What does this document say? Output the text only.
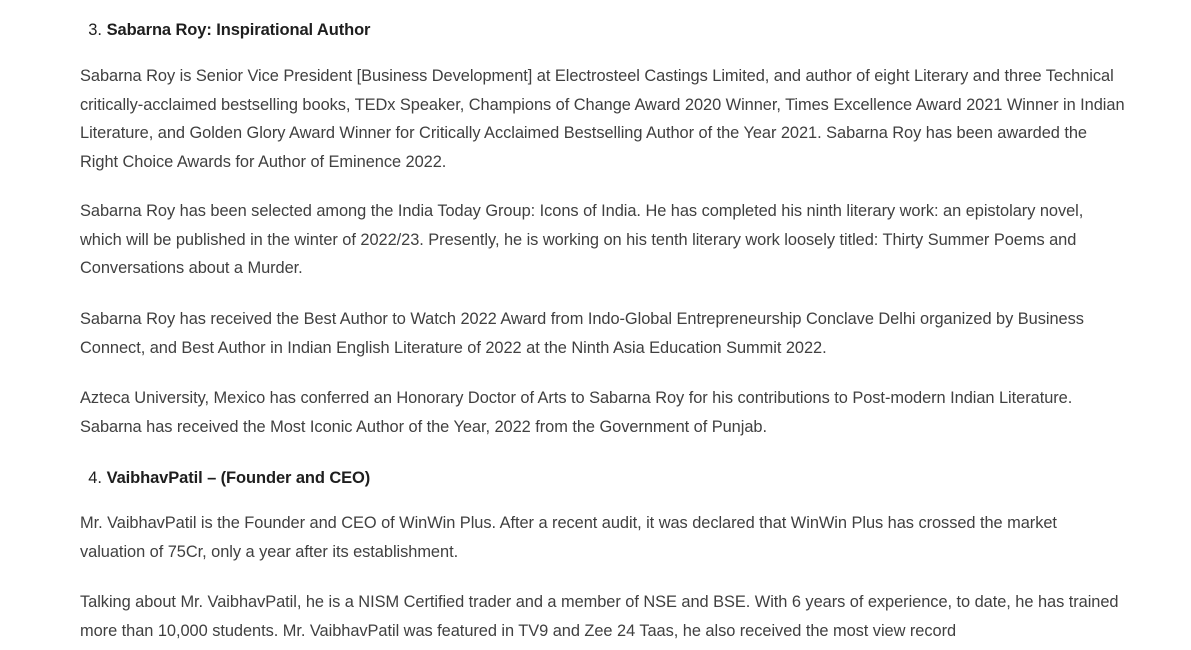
3. Sabarna Roy: Inspirational Author

Sabarna Roy is Senior Vice President [Business Development] at Electrosteel Castings Limited, and author of eight Literary and three Technical critically-acclaimed bestselling books, TEDx Speaker, Champions of Change Award 2020 Winner, Times Excellence Award 2021 Winner in Indian Literature, and Golden Glory Award Winner for Critically Acclaimed Bestselling Author of the Year 2021. Sabarna Roy has been awarded the Right Choice Awards for Author of Eminence 2022.

Sabarna Roy has been selected among the India Today Group: Icons of India. He has completed his ninth literary work: an epistolary novel, which will be published in the winter of 2022/23. Presently, he is working on his tenth literary work loosely titled: Thirty Summer Poems and Conversations about a Murder.

Sabarna Roy has received the Best Author to Watch 2022 Award from Indo-Global Entrepreneurship Conclave Delhi organized by Business Connect, and Best Author in Indian English Literature of 2022 at the Ninth Asia Education Summit 2022.

Azteca University, Mexico has conferred an Honorary Doctor of Arts to Sabarna Roy for his contributions to Post-modern Indian Literature. Sabarna has received the Most Iconic Author of the Year, 2022 from the Government of Punjab.

4. VaibhavPatil – (Founder and CEO)

Mr. VaibhavPatil is the Founder and CEO of WinWin Plus. After a recent audit, it was declared that WinWin Plus has crossed the market valuation of 75Cr, only a year after its establishment.

Talking about Mr. VaibhavPatil, he is a NISM Certified trader and a member of NSE and BSE. With 6 years of experience, to date, he has trained more than 10,000 students. Mr. VaibhavPatil was featured in TV9 and Zee 24 Taas, he also received the most view record
